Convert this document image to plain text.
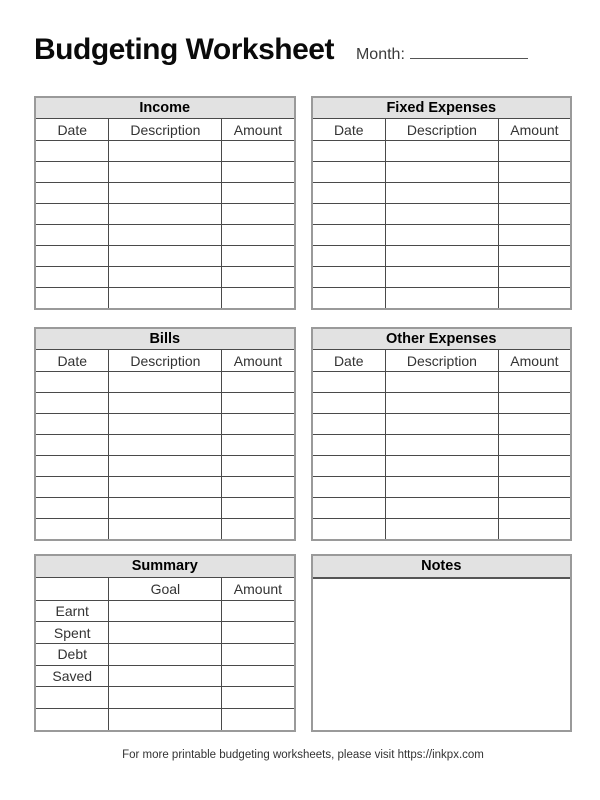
Budgeting Worksheet Month:
Income		
Date	Description	Amount

Fixed Expenses		
Date	Description	Amount

Bills		
Date	Description	Amount

Other Expenses		
Date	Description	Amount

Summary		
	Goal	Amount
Earnt		
Spent		
Debt		
Saved		

Notes
For more printable budgeting worksheets, please visit https://inkpx.com
